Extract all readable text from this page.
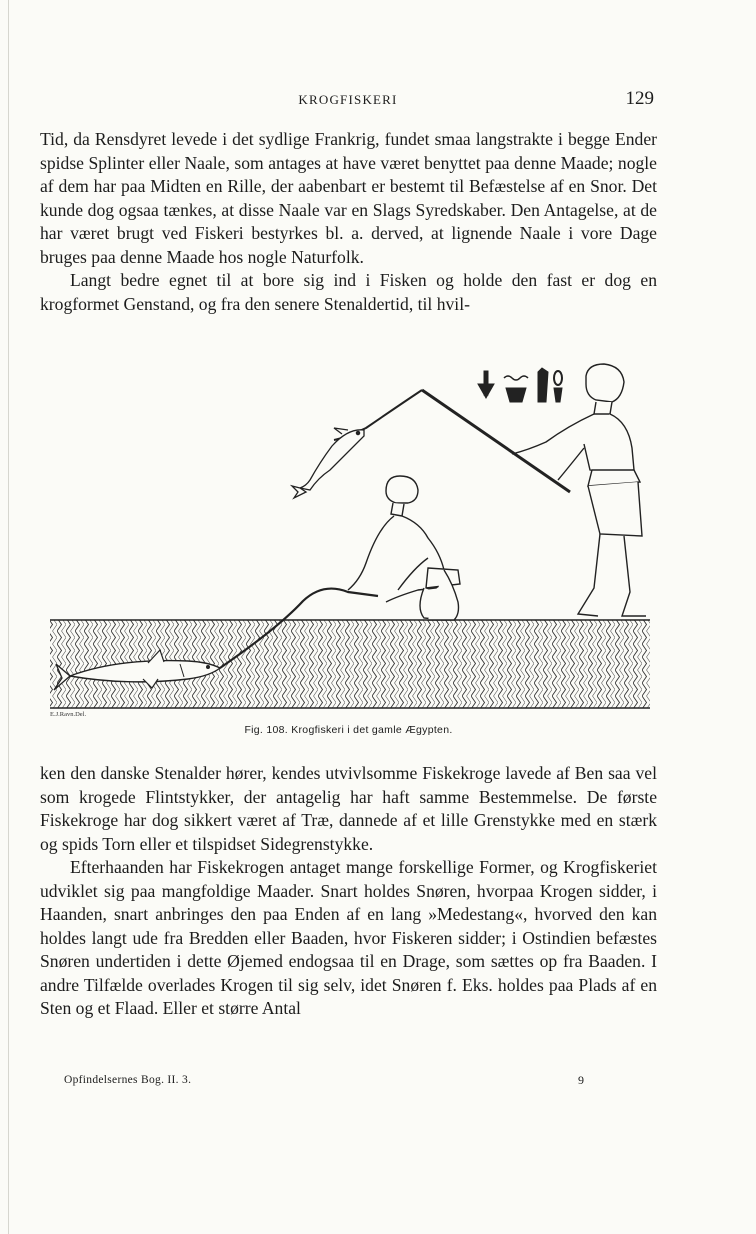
KROGFISKERI	129

Tid, da Rensdyret levede i det sydlige Frankrig, fundet smaa langstrakte i begge Ender spidse Splinter eller Naale, som antages at have været benyttet paa denne Maade; nogle af dem har paa Midten en Rille, der aabenbart er bestemt til Befæstelse af en Snor. Det kunde dog ogsaa tænkes, at disse Naale var en Slags Syredskaber. Den Antagelse, at de har været brugt ved Fiskeri bestyrkes bl. a. derved, at lignende Naale i vore Dage bruges paa denne Maade hos nogle Naturfolk.

Langt bedre egnet til at bore sig ind i Fisken og holde den fast er dog en krogformet Genstand, og fra den senere Stenaldertid, til hvil-

E.J.Ravn.Del.
Fig. 108. Krogfiskeri i det gamle Ægypten.

ken den danske Stenalder hører, kendes utvivlsomme Fiskekroge lavede af Ben saa vel som krogede Flintstykker, der antagelig har haft samme Bestemmelse. De første Fiskekroge har dog sikkert været af Træ, dannede af et lille Grenstykke med en stærk og spids Torn eller et tilspidset Sidegrenstykke.

Efterhaanden har Fiskekrogen antaget mange forskellige Former, og Krogfiskeriet udviklet sig paa mangfoldige Maader. Snart holdes Snøren, hvorpaa Krogen sidder, i Haanden, snart anbringes den paa Enden af en lang »Medestang«, hvorved den kan holdes langt ude fra Bredden eller Baaden, hvor Fiskeren sidder; i Ostindien befæstes Snøren undertiden i dette Øjemed endogsaa til en Drage, som sættes op fra Baaden. I andre Tilfælde overlades Krogen til sig selv, idet Snøren f. Eks. holdes paa Plads af en Sten og et Flaad. Eller et større Antal

Opfindelsernes Bog. II. 3.	9
